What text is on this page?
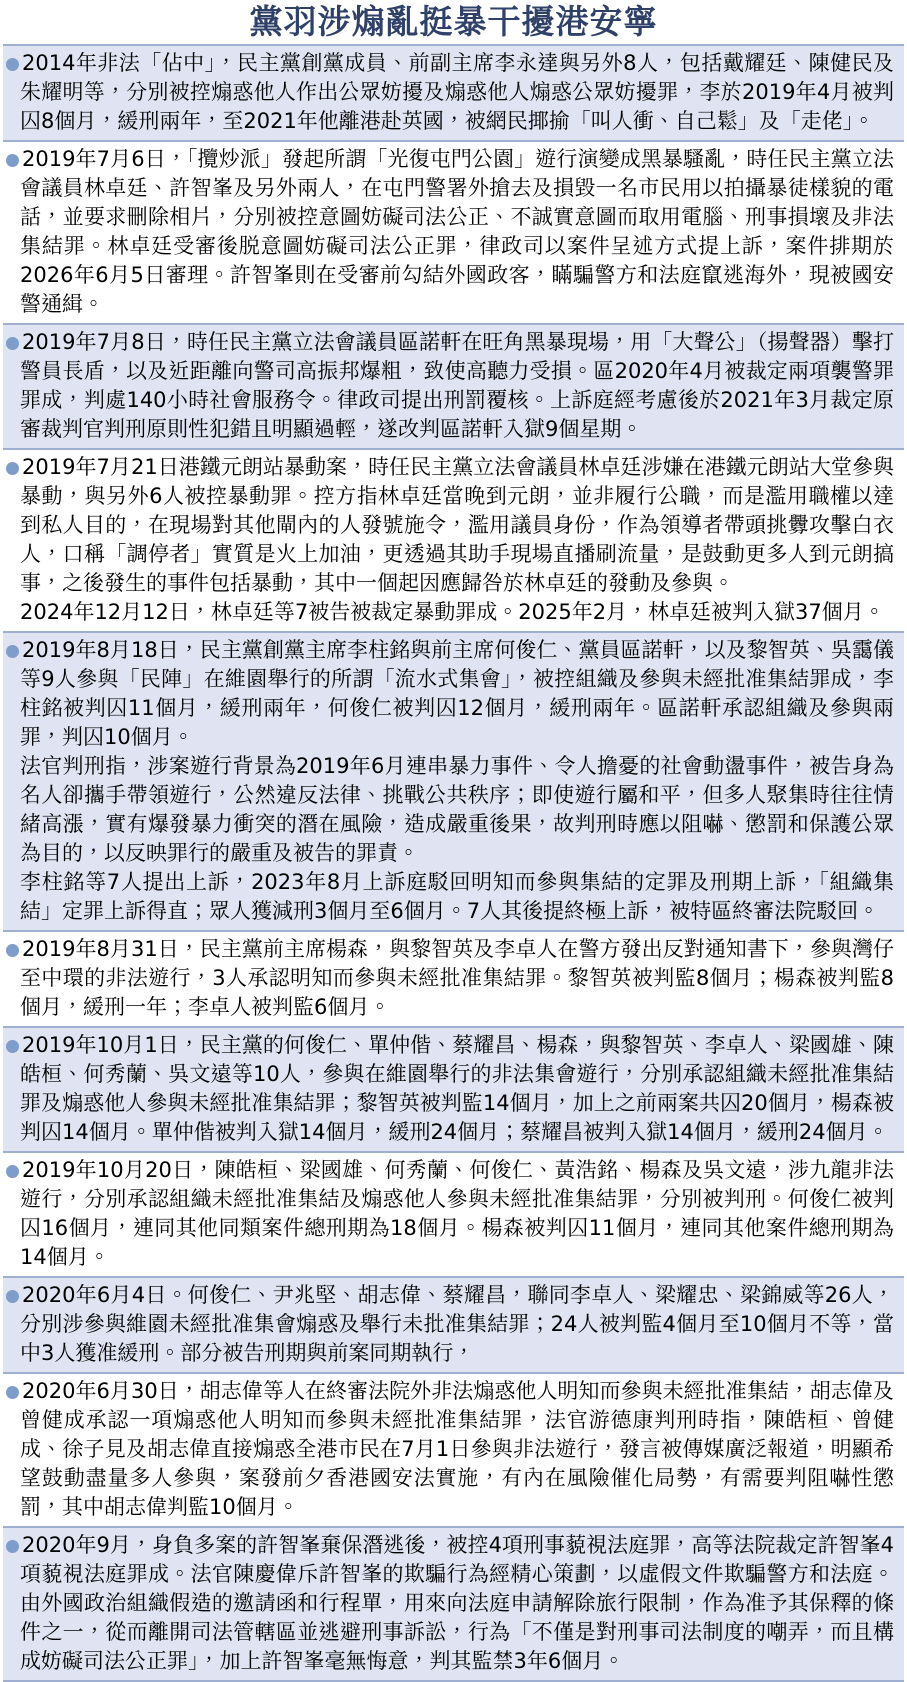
黨羽涉煽亂挺暴干擾港安寧

2014年非法「佔中」，民主黨創黨成員、前副主席李永達與另外8人，包括戴耀廷、陳健民及朱耀明等，分別被控煽惑他人作出公眾妨擾及煽惑他人煽惑公眾妨擾罪，李於2019年4月被判囚8個月，緩刑兩年，至2021年他離港赴英國，被網民揶揄「叫人衝、自己鬆」及「走佬」。

2019年7月6日，「攬炒派」發起所謂「光復屯門公園」遊行演變成黑暴騷亂，時任民主黨立法會議員林卓廷、許智峯及另外兩人，在屯門警署外搶去及損毀一名市民用以拍攝暴徒樣貌的電話，並要求刪除相片，分別被控意圖妨礙司法公正、不誠實意圖而取用電腦、刑事損壞及非法集結罪。林卓廷受審後脱意圖妨礙司法公正罪，律政司以案件呈述方式提上訴，案件排期於2026年6月5日審理。許智峯則在受審前勾結外國政客，瞞騙警方和法庭竄逃海外，現被國安警通緝。

2019年7月8日，時任民主黨立法會議員區諾軒在旺角黑暴現場，用「大聲公」（揚聲器）擊打警員長盾，以及近距離向警司高振邦爆粗，致使高聽力受損。區2020年4月被裁定兩項襲警罪罪成，判處140小時社會服務令。律政司提出刑罰覆核。上訴庭經考慮後於2021年3月裁定原審裁判官判刑原則性犯錯且明顯過輕，遂改判區諾軒入獄9個星期。

2019年7月21日港鐵元朗站暴動案，時任民主黨立法會議員林卓廷涉嫌在港鐵元朗站大堂參與暴動，與另外6人被控暴動罪。控方指林卓廷當晚到元朗，並非履行公職，而是濫用職權以達到私人目的，在現場對其他閘內的人發號施令，濫用議員身份，作為領導者帶頭挑釁攻擊白衣人，口稱「調停者」實質是火上加油，更透過其助手現場直播刷流量，是鼓動更多人到元朗搞事，之後發生的事件包括暴動，其中一個起因應歸咎於林卓廷的發動及參與。

2024年12月12日，林卓廷等7被告被裁定暴動罪成。2025年2月，林卓廷被判入獄37個月。

2019年8月18日，民主黨創黨主席李柱銘與前主席何俊仁、黨員區諾軒，以及黎智英、吳靄儀等9人參與「民陣」在維園舉行的所謂「流水式集會」，被控組織及參與未經批准集結罪成，李柱銘被判囚11個月，緩刑兩年，何俊仁被判囚12個月，緩刑兩年。區諾軒承認組織及參與兩罪，判囚10個月。

法官判刑指，涉案遊行背景為2019年6月連串暴力事件、令人擔憂的社會動盪事件，被告身為名人卻攜手帶領遊行，公然違反法律、挑戰公共秩序；即使遊行屬和平，但多人聚集時往往情緒高漲，實有爆發暴力衝突的潛在風險，造成嚴重後果，故判刑時應以阻嚇、懲罰和保護公眾為目的，以反映罪行的嚴重及被告的罪責。

李柱銘等7人提出上訴，2023年8月上訴庭駁回明知而參與集結的定罪及刑期上訴，「組織集結」定罪上訴得直；眾人獲減刑3個月至6個月。7人其後提終極上訴，被特區終審法院駁回。

2019年8月31日，民主黨前主席楊森，與黎智英及李卓人在警方發出反對通知書下，參與灣仔至中環的非法遊行，3人承認明知而參與未經批准集結罪。黎智英被判監8個月；楊森被判監8個月，緩刑一年；李卓人被判監6個月。

2019年10月1日，民主黨的何俊仁、單仲偕、蔡耀昌、楊森，與黎智英、李卓人、梁國雄、陳皓桓、何秀蘭、吳文遠等10人，參與在維園舉行的非法集會遊行，分別承認組織未經批准集結罪及煽惑他人參與未經批准集結罪；黎智英被判監14個月，加上之前兩案共囚20個月，楊森被判囚14個月。單仲偕被判入獄14個月，緩刑24個月；蔡耀昌被判入獄14個月，緩刑24個月。

2019年10月20日，陳皓桓、梁國雄、何秀蘭、何俊仁、黃浩銘、楊森及吳文遠，涉九龍非法遊行，分別承認組織未經批准集結及煽惑他人參與未經批准集結罪，分別被判刑。何俊仁被判囚16個月，連同其他同類案件總刑期為18個月。楊森被判囚11個月，連同其他案件總刑期為14個月。

2020年6月4日。何俊仁、尹兆堅、胡志偉、蔡耀昌，聯同李卓人、梁耀忠、梁錦威等26人，分別涉參與維園未經批准集會煽惑及舉行未批准集結罪；24人被判監4個月至10個月不等，當中3人獲准緩刑。部分被告刑期與前案同期執行，

2020年6月30日，胡志偉等人在終審法院外非法煽惑他人明知而參與未經批准集結，胡志偉及曾健成承認一項煽惑他人明知而參與未經批准集結罪，法官游德康判刑時指，陳皓桓、曾健成、徐子見及胡志偉直接煽惑全港市民在7月1日參與非法遊行，發言被傳媒廣泛報道，明顯希望鼓動盡量多人參與，案發前夕香港國安法實施，有內在風險催化局勢，有需要判阻嚇性懲罰，其中胡志偉判監10個月。

2020年9月，身負多案的許智峯棄保潛逃後，被控4項刑事藐視法庭罪，高等法院裁定許智峯4項藐視法庭罪成。法官陳慶偉斥許智峯的欺騙行為經精心策劃，以虛假文件欺騙警方和法庭。由外國政治組織假造的邀請函和行程單，用來向法庭申請解除旅行限制，作為准予其保釋的條件之一，從而離開司法管轄區並逃避刑事訴訟，行為「不僅是對刑事司法制度的嘲弄，而且構成妨礙司法公正罪」，加上許智峯毫無悔意，判其監禁3年6個月。
